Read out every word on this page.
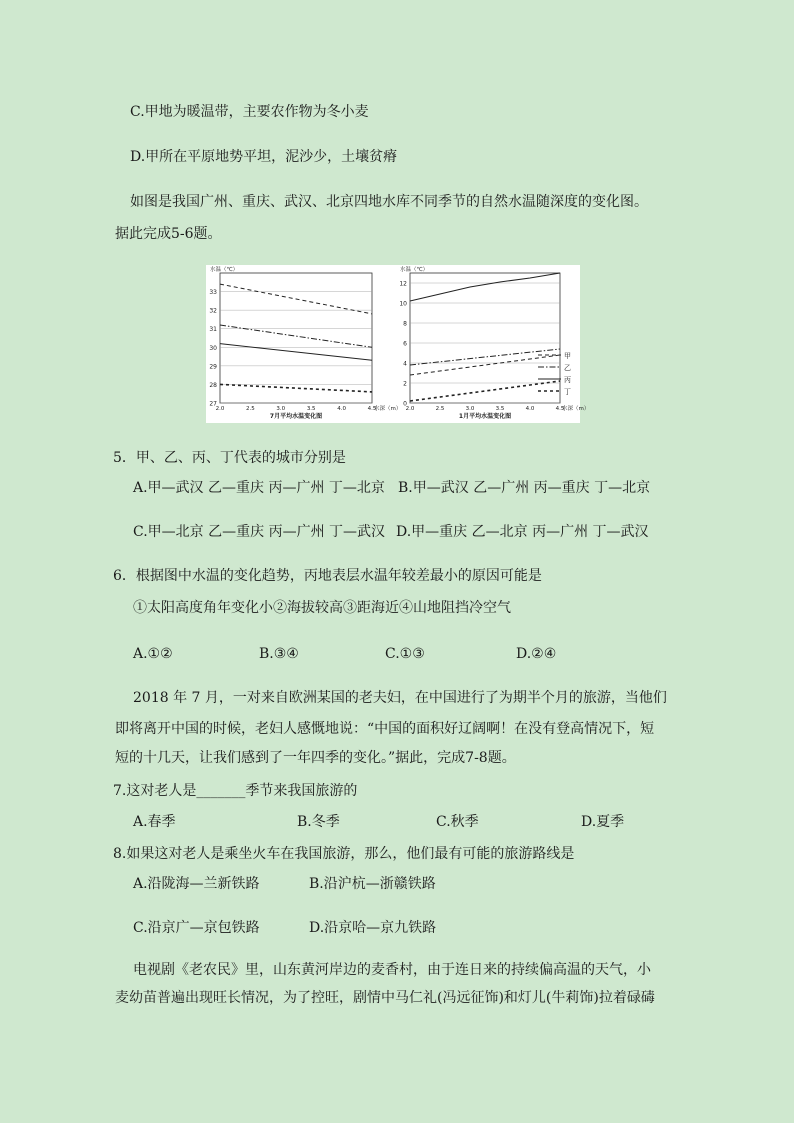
C.甲地为暖温带，主要农作物为冬小麦
D.甲所在平原地势平坦，泥沙少，土壤贫瘠
如图是我国广州、重庆、武汉、北京四地水库不同季节的自然水温随深度的变化图。
据此完成5-6题。
27
28
29
30
31
32
33
2.0	2.5	3.0	3.5	4.0	4.5
水温（℃）
水深（m）
7月平均水温变化图
0
2
4
6
8
10
12
2.0	2.5	3.0	3.5	4.0	4.5
水温（℃）
水深（m）
1月平均水温变化图
甲
乙
丙
丁
5．甲、乙、丙、丁代表的城市分别是
A.甲—武汉 乙—重庆 丙—广州 丁—北京 B.甲—武汉 乙—广州 丙—重庆 丁—北京
C.甲—北京 乙—重庆 丙—广州 丁—武汉 D.甲—重庆 乙—北京 丙—广州 丁—武汉
6．根据图中水温的变化趋势，丙地表层水温年较差最小的原因可能是
①太阳高度角年变化小②海拔较高③距海近④山地阻挡冷空气
A.①②	B.③④	C.①③	D.②④
2018 年 7 月，一对来自欧洲某国的老夫妇，在中国进行了为期半个月的旅游，当他们
即将离开中国的时候，老妇人感慨地说：“中国的面积好辽阔啊！在没有登高情况下，短
短的十几天，让我们感到了一年四季的变化。”据此，完成7-8题。
7.这对老人是_______季节来我国旅游的
A.春季	B.冬季	C.秋季	D.夏季
8.如果这对老人是乘坐火车在我国旅游，那么，他们最有可能的旅游路线是
A.沿陇海—兰新铁路	B.沿沪杭—浙赣铁路
C.沿京广—京包铁路	D.沿京哈—京九铁路
电视剧《老农民》里，山东黄河岸边的麦香村，由于连日来的持续偏高温的天气，小
麦幼苗普遍出现旺长情况，为了控旺，剧情中马仁礼(冯远征饰)和灯儿(牛莉饰)拉着碌碡
